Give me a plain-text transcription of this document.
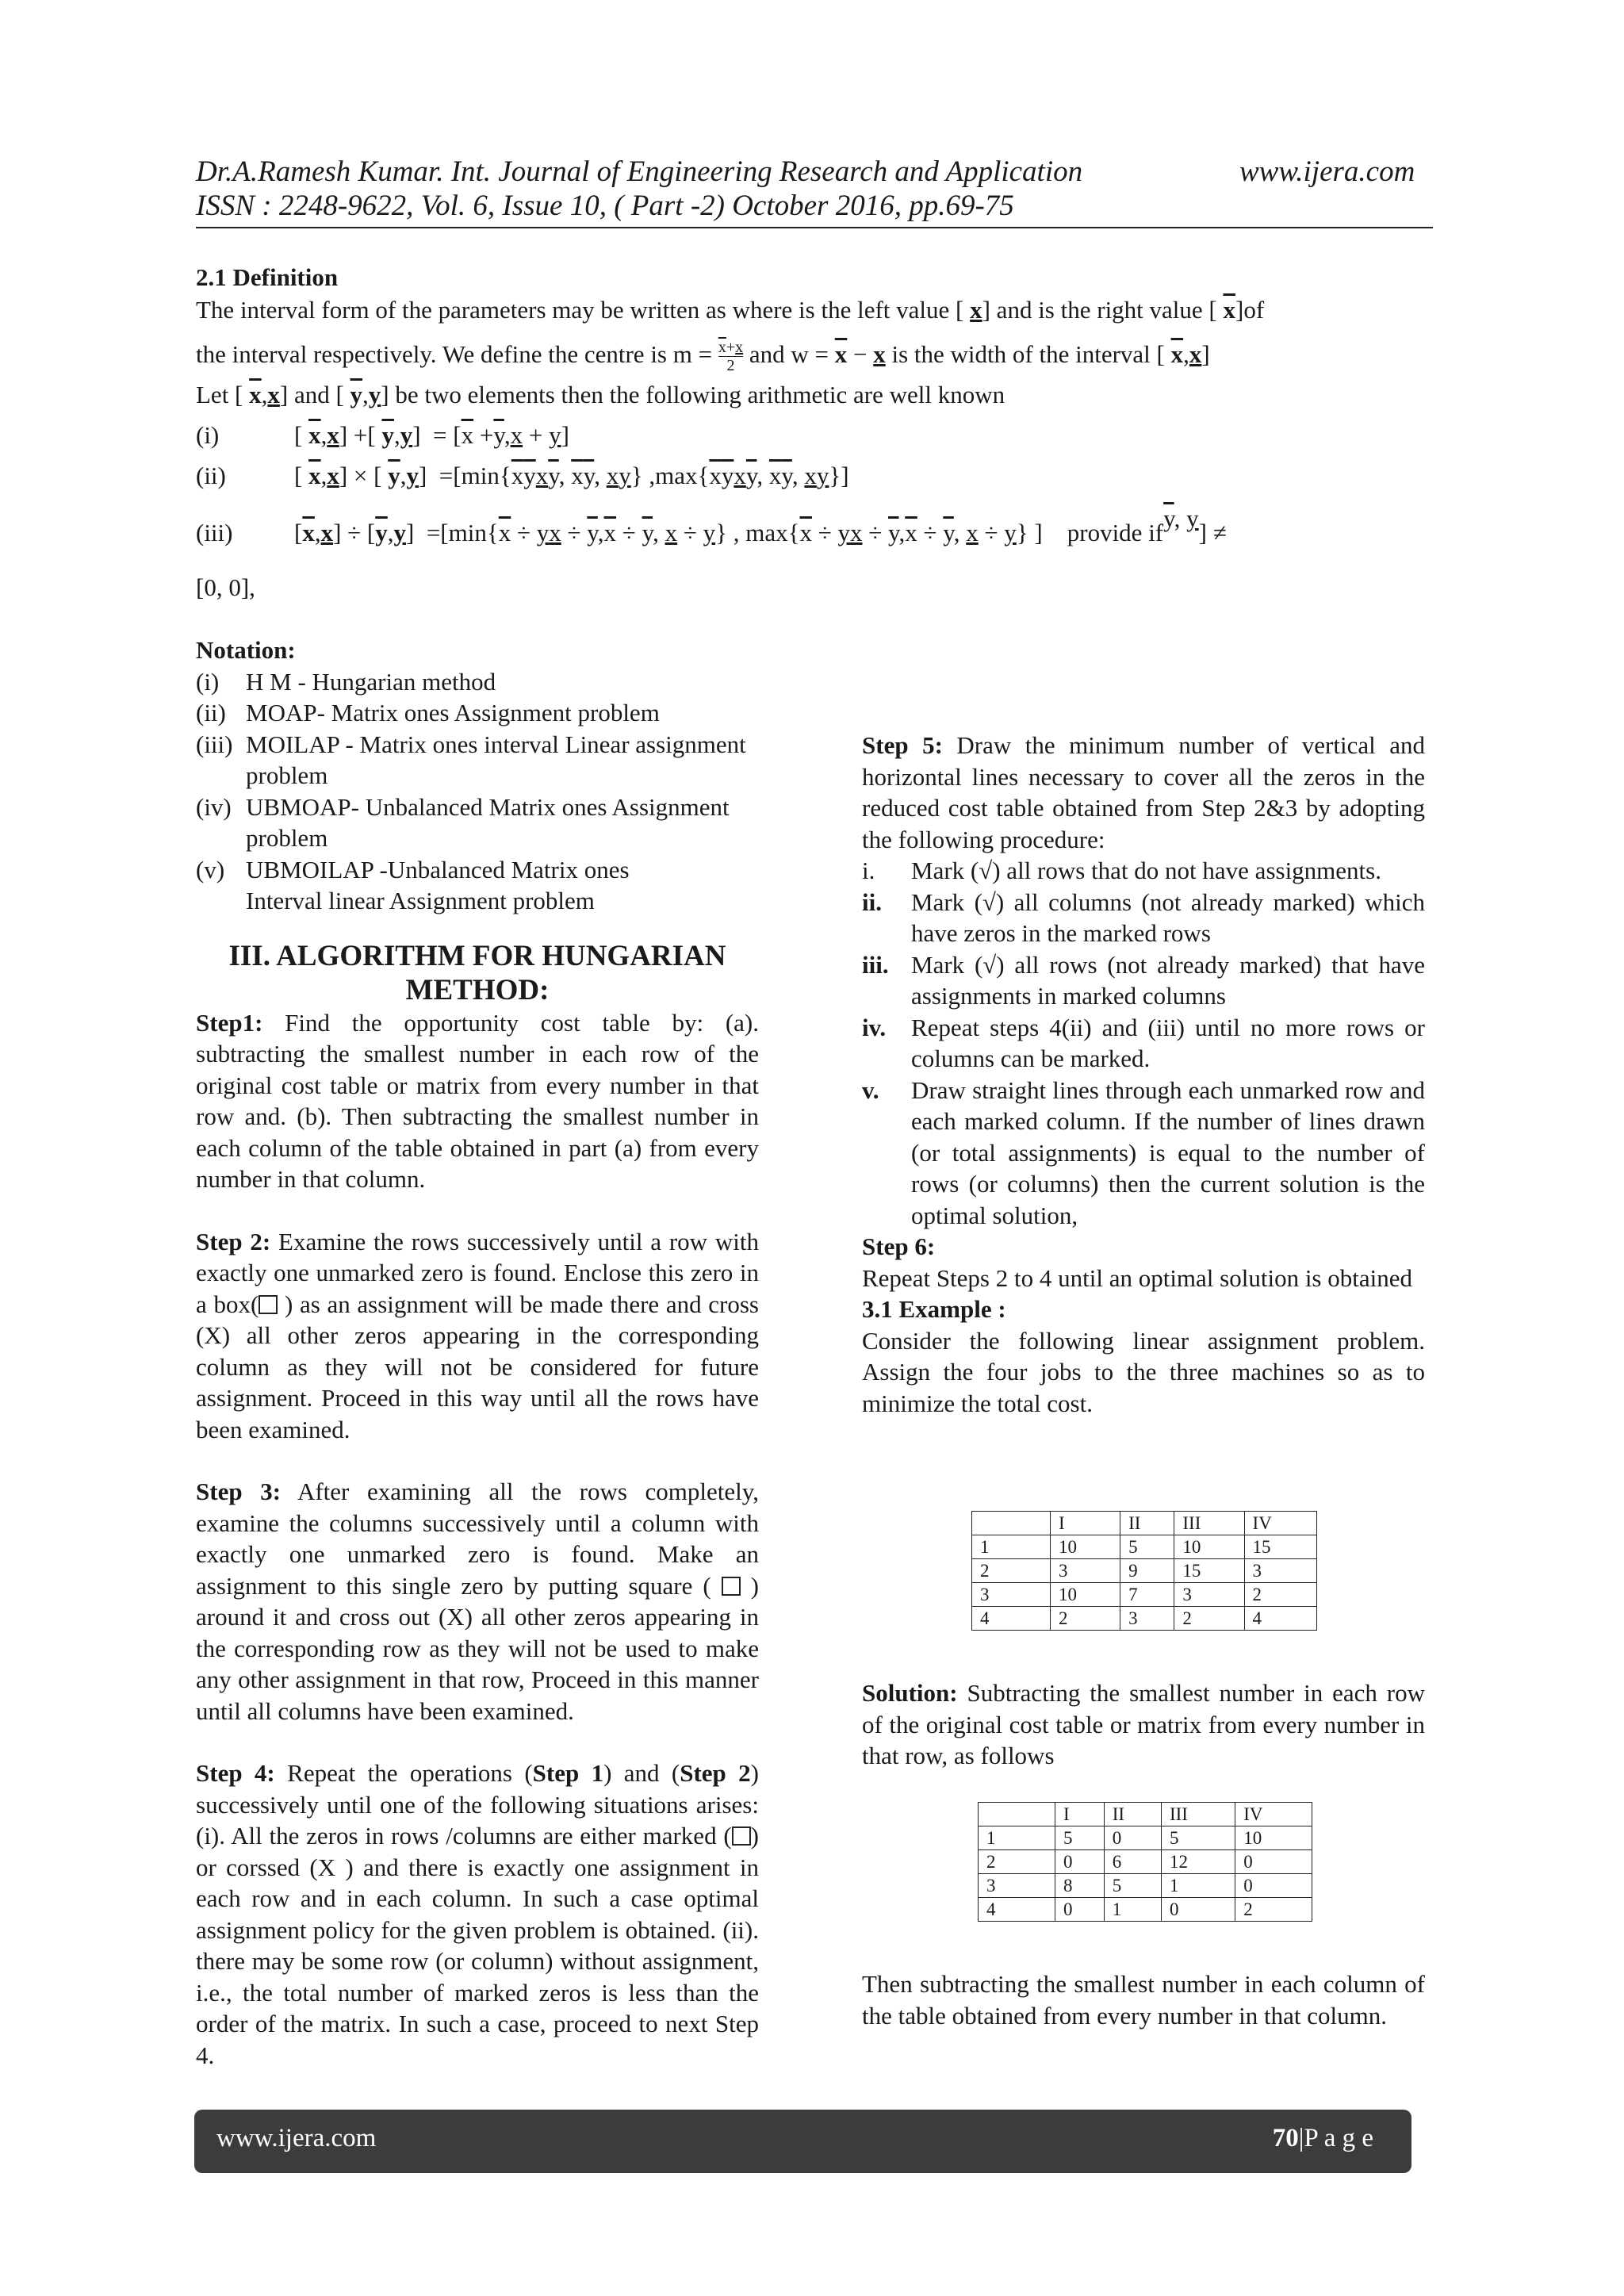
Dr.A.Ramesh Kumar. Int. Journal of Engineering Research and Application	www.ijera.com
ISSN : 2248-9622, Vol. 6, Issue 10, ( Part -2) October 2016, pp.69-75
2.1 Definition
The interval form of the parameters may be written as where is the left value [ x] and is the right value [ $\overline{x}]of$
the interval respectively. We define the centre is $m = \frac{\overline{x}+x}{2}$ and $w = \overline{x} - x$ is the width of the interval [ $\overline{x},x$]
Let [ $\overline{x},x$] and [ $\overline{y},y$] be two elements then the following arithmetic are well known
(i)	[ $\overline{x},x$] +[ $\overline{y},y] = [\overline{x} +\overline{y},x + y]$
(ii)	[ $\overline{x},x$] × [ $\overline{y},y] =[\min\{\overline{x}\overline{y}x\overline{y}$, $\overline{x}\overline{y}$, xy} $,\max\{\overline{x}\overline{y}x\overline{y}$, $\overline{x}\overline{y}$, xy}]
(iii)	$[\overline{x},x] \div [\overline{y},y] =[\min\{\overline{x}$ ÷ yx ÷ $\overline{y},\overline{x} \div \overline{y}$, x ÷ y} , $\max\{\overline{x}$ ÷ yx ÷ $\overline{y},\overline{x} \div \overline{y}$, x ÷ y} ]    provide $if\overline{y}$, y] ≠
[0, 0],
Notation:
(i) H M - Hungarian method
(ii) MOAP- Matrix ones Assignment problem
(iii) MOILAP - Matrix ones interval Linear assignment problem
(iv) UBMOAP- Unbalanced Matrix ones Assignment problem
(v) UBMOILAP -Unbalanced Matrix ones Interval linear Assignment problem
III. ALGORITHM FOR HUNGARIAN METHOD:

Step1: Find the opportunity cost table by: (a). subtracting the smallest number in each row of the original cost table or matrix from every number in that row and. (b). Then subtracting the smallest number in each column of the table obtained in part (a) from every number in that column.

Step 2: Examine the rows successively until a row with exactly one unmarked zero is found. Enclose this zero in a box( ) as an assignment will be made there and cross (X) all other zeros appearing in the corresponding column as they will not be considered for future assignment. Proceed in this way until all the rows have been examined.

Step 3: After examining all the rows completely, examine the columns successively until a column with exactly one unmarked zero is found. Make an assignment to this single zero by putting square ( ) around it and cross out (X) all other zeros appearing in the corresponding row as they will not be used to make any other assignment in that row, Proceed in this manner until all columns have been examined.

Step 4: Repeat the operations (Step 1) and (Step 2) successively until one of the following situations arises: (i). All the zeros in rows /columns are either marked ( ) or corssed (X ) and there is exactly one assignment in each row and in each column. In such a case optimal assignment policy for the given problem is obtained. (ii). there may be some row (or column) without assignment, i.e., the total number of marked zeros is less than the order of the matrix. In such a case, proceed to next Step 4.

Step 5: Draw the minimum number of vertical and horizontal lines necessary to cover all the zeros in the reduced cost table obtained from Step 2&3 by adopting the following procedure:

i. Mark (√) all rows that do not have assignments.
ii. Mark (√) all columns (not already marked) which have zeros in the marked rows
iii. Mark (√) all rows (not already marked) that have assignments in marked columns
iv. Repeat steps 4(ii) and (iii) until no more rows or columns can be marked.
v. Draw straight lines through each unmarked row and each marked column. If the number of lines drawn (or total assignments) is equal to the number of rows (or columns) then the current solution is the optimal solution,
Step 6:

Repeat Steps 2 to 4 until an optimal solution is obtained

3.1 Example :

Consider the following linear assignment problem. Assign the four jobs to the three machines so as to minimize the total cost.

	I	II	III	IV
1	10	5	10	15
2	3	9	15	3
3	10	7	3	2
4	2	3	2	4
Solution: Subtracting the smallest number in each row of the original cost table or matrix from every number in that row, as follows
	I	II	III	IV
1	5	0	5	10
2	0	6	12	0
3	8	5	1	0
4	0	1	0	2
Then subtracting the smallest number in each column of the table obtained from every number in that column.
www.ijera.com	70|P a g e
